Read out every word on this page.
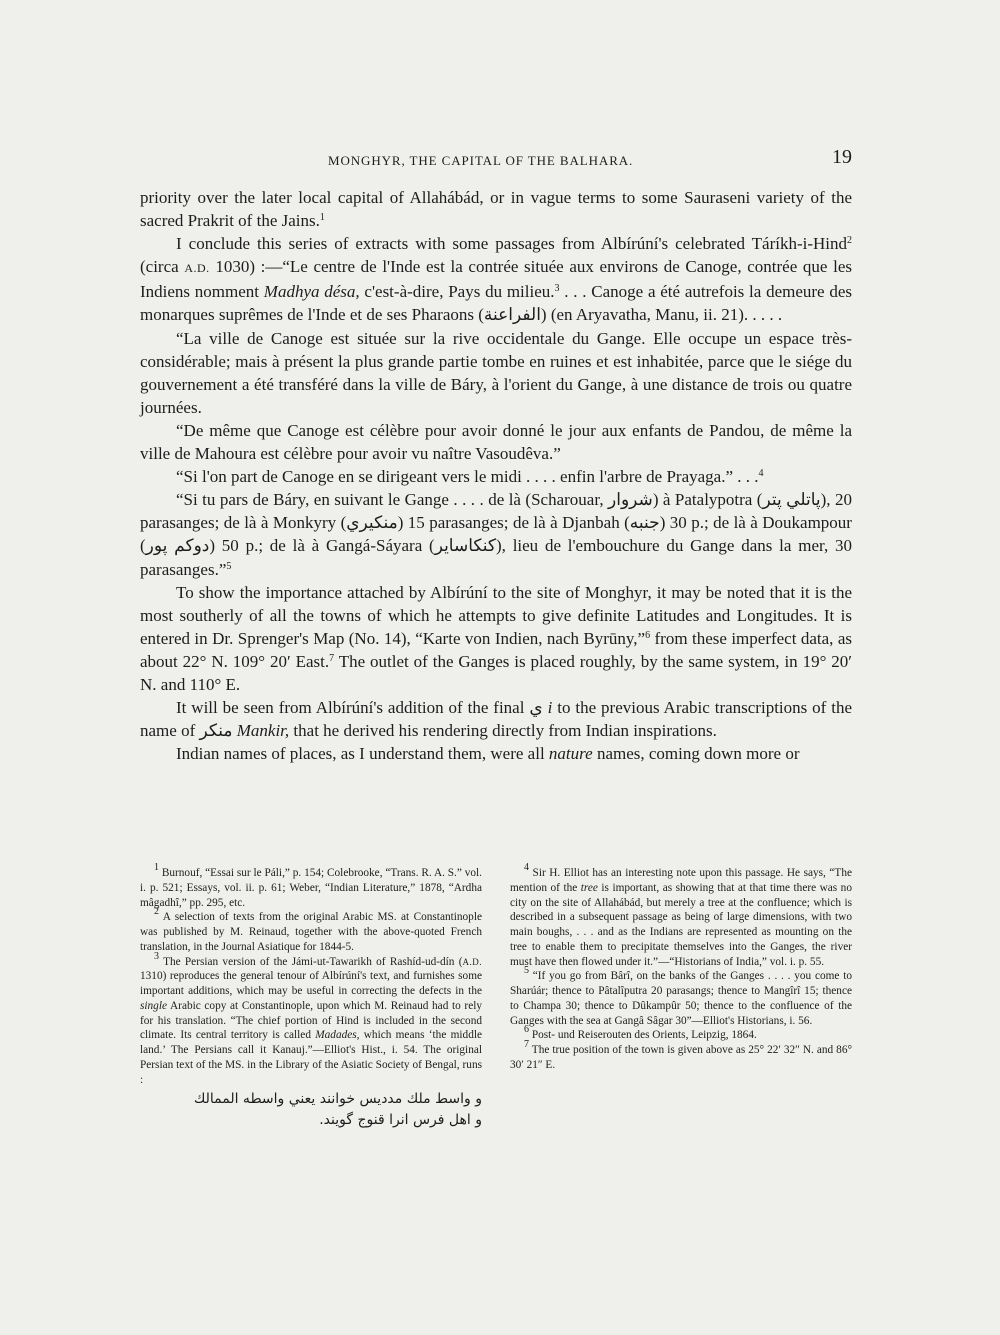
MONGHYR, THE CAPITAL OF THE BALHARA.	19

priority over the later local capital of Allahábád, or in vague terms to some Sauraseni variety of the sacred Prakrit of the Jains.$^1$

I conclude this series of extracts with some passages from Albírúní's celebrated Táríkh-i-Hind$^2$ (circa A.D. 1030) :—“Le centre de l'Inde est la contrée située aux environs de Canoge, contrée que les Indiens nomment Madhya désa, c'est-à-dire, Pays du milieu.$^3$ . . . Canoge a été autrefois la demeure des monarques suprêmes de l'Inde et de ses Pharaons (الفراعنة) (en Aryavatha, Manu, ii. 21). . . . .

“La ville de Canoge est située sur la rive occidentale du Gange. Elle occupe un espace très-considérable; mais à présent la plus grande partie tombe en ruines et est inhabitée, parce que le siége du gouvernement a été transféré dans la ville de Báry, à l'orient du Gange, à une distance de trois ou quatre journées.

“De même que Canoge est célèbre pour avoir donné le jour aux enfants de Pandou, de même la ville de Mahoura est célèbre pour avoir vu naître Vasoudêva.”

“Si l'on part de Canoge en se dirigeant vers le midi . . . . enfin l'arbre de Prayaga.” . . .$^4$

“Si tu pars de Báry, en suivant le Gange . . . . de là (Scharouar, شروار) à Patalypotra (پاتلي پتر), 20 parasanges; de là à Monkyry (منكيري) 15 parasanges; de là à Djanbah (جنبه) 30 p.; de là à Doukampour (دوكم پور) 50 p.; de là à Gangá-Sáyara (كنكاساير), lieu de l'embouchure du Gange dans la mer, 30 parasanges.”$^5$

To show the importance attached by Albírúní to the site of Monghyr, it may be noted that it is the most southerly of all the towns of which he attempts to give definite Latitudes and Longitudes. It is entered in Dr. Sprenger's Map (No. 14), “Karte von Indien, nach Byrūny,”$^6$ from these imperfect data, as about 22° N. 109° 20′ East.$^7$ The outlet of the Ganges is placed roughly, by the same system, in 19° 20′ N. and 110° E.

It will be seen from Albírúní's addition of the final ي i to the previous Arabic transcriptions of the name of منكر Mankir, that he derived his rendering directly from Indian inspirations.

Indian names of places, as I understand them, were all nature names, coming down more or

$^1$ Burnouf, “Essai sur le Páli,” p. 154; Colebrooke, “Trans. R. A. S.” vol. i. p. 521; Essays, vol. ii. p. 61; Weber, “Indian Literature,” 1878, “Ardha mâgadhî,” pp. 295, etc.

$^2$ A selection of texts from the original Arabic MS. at Constantinople was published by M. Reinaud, together with the above-quoted French translation, in the Journal Asiatique for 1844-5.

$^3$ The Persian version of the Jámi-ut-Tawarikh of Rashíd-ud-dín (A.D. 1310) reproduces the general tenour of Albírúní's text, and furnishes some important additions, which may be useful in correcting the defects in the single Arabic copy at Constantinople, upon which M. Reinaud had to rely for his translation. “The chief portion of Hind is included in the second climate. Its central territory is called Madades, which means ‘the middle land.’ The Persians call it Kanauj.”—Elliot's Hist., i. 54. The original Persian text of the MS. in the Library of the Asiatic Society of Bengal, runs :

و واسط ملك مدديس خوانند يعني واسطه الممالك
و اهل فرس انرا قنوج گويند.

$^4$ Sir H. Elliot has an interesting note upon this passage. He says, “The mention of the tree is important, as showing that at that time there was no city on the site of Allahábád, but merely a tree at the confluence; which is described in a subsequent passage as being of large dimensions, with two main boughs, . . . and as the Indians are represented as mounting on the tree to enable them to precipitate themselves into the Ganges, the river must have then flowed under it.”—“Historians of India,” vol. i. p. 55.

$^5$ “If you go from Bârî, on the banks of the Ganges . . . . you come to Sharúár; thence to Pâtalîputra 20 parasangs; thence to Mangîrî 15; thence to Champa 30; thence to Dûkampûr 50; thence to the confluence of the Ganges with the sea at Gangâ Sâgar 30”—Elliot's Historians, i. 56.

$^6$ Post- und Reiserouten des Orients, Leipzig, 1864.

$^7$ The true position of the town is given above as 25° 22′ 32″ N. and 86° 30′ 21″ E.
